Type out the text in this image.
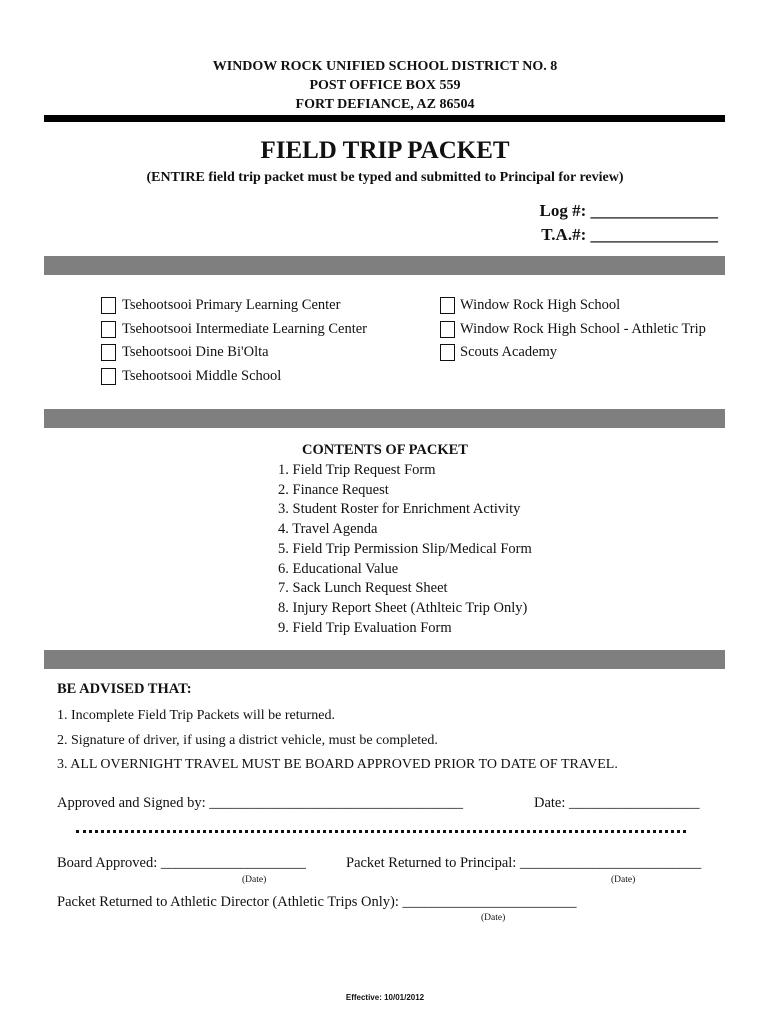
WINDOW ROCK UNIFIED SCHOOL DISTRICT NO. 8
POST OFFICE BOX 559
FORT DEFIANCE, AZ 86504
FIELD TRIP PACKET
(ENTIRE field trip packet must be typed and submitted to Principal for review)
Log #: _______________
T.A.#: _______________
Tsehootsooi Primary Learning Center
Tsehootsooi Intermediate Learning Center
Tsehootsooi Dine Bi'Olta
Tsehootsooi Middle School
Window Rock High School
Window Rock High School - Athletic Trip
Scouts Academy
CONTENTS OF PACKET
1. Field Trip Request Form
2. Finance Request
3. Student Roster for Enrichment Activity
4. Travel Agenda
5. Field Trip Permission Slip/Medical Form
6. Educational Value
7. Sack Lunch Request Sheet
8. Injury Report Sheet (Athlteic Trip Only)
9. Field Trip Evaluation Form
BE ADVISED THAT:
1. Incomplete Field Trip Packets will be returned.
2. Signature of driver, if using a district vehicle, must be completed.
3. ALL OVERNIGHT TRAVEL MUST BE BOARD APPROVED PRIOR TO DATE OF TRAVEL.
Approved and Signed by: ___________________________________	Date: __________________
Board Approved: ____________________
(Date)
Packet Returned to Principal: _________________________
(Date)
Packet Returned to Athletic Director (Athletic Trips Only): ________________________
(Date)
Effective: 10/01/2012
